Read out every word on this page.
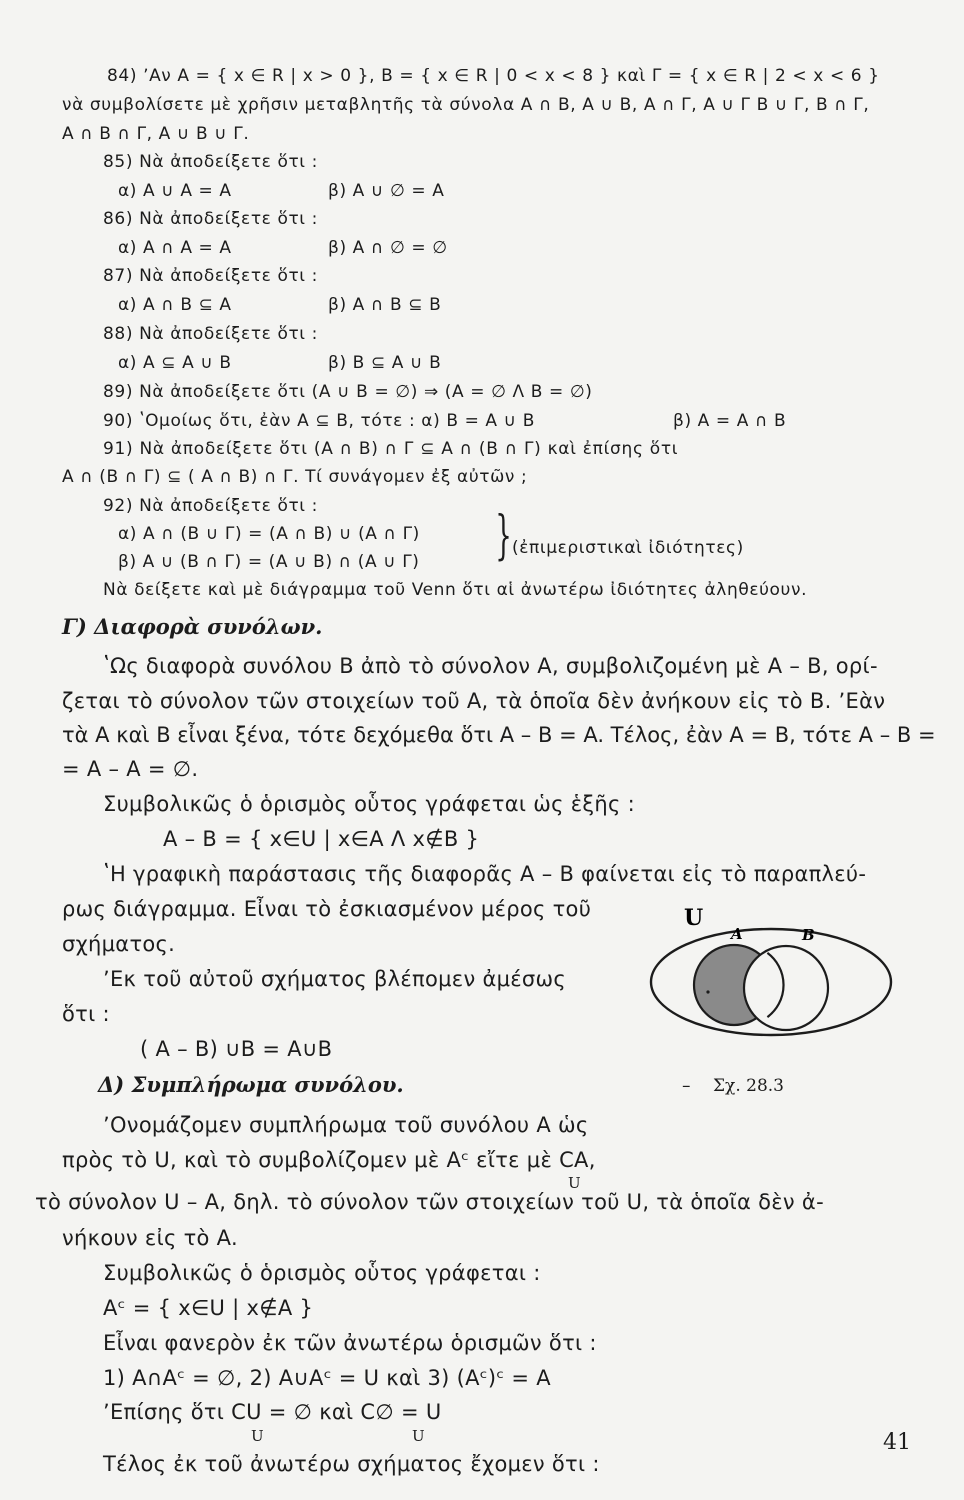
84) ʼΑν A = { x ∈ R | x > 0 }, B = { x ∈ R | 0 < x < 8 } καὶ Γ = { x ∈ R | 2 < x < 6 }
νὰ συμβολίσετε μὲ χρῆσιν μεταβλητῆς τὰ σύνολα A ∩ B, A ∪ B, A ∩ Γ, A ∪ Γ B ∪ Γ, B ∩ Γ,
A ∩ B ∩ Γ, A ∪ B ∪ Γ.
85) Νὰ ἀποδείξετε ὅτι :
α) A ∪ A = A	β) A ∪ ∅ = A
86) Νὰ ἀποδείξετε ὅτι :
α) A ∩ A = A	β) A ∩ ∅ = ∅
87) Νὰ ἀποδείξετε ὅτι :
α) A ∩ B ⊆ A	β) A ∩ B ⊆ B
88) Νὰ ἀποδείξετε ὅτι :
α) A ⊆ A ∪ B	β) B ⊆ A ∪ B
89) Νὰ ἀποδείξετε ὅτι (A ∪ B = ∅) ⇒ (A = ∅ Λ B = ∅)
90) ʽΟμοίως ὅτι, ἐὰν A ⊆ B, τότε : α) B = A ∪ B	β) A = A ∩ B
91) Νὰ ἀποδείξετε ὅτι (A ∩ B) ∩ Γ ⊆ A ∩ (B ∩ Γ) καὶ ἐπίσης ὅτι
A ∩ (B ∩ Γ) ⊆ ( A ∩ B) ∩ Γ. Τί συνάγομεν ἐξ αὐτῶν ;
92) Νὰ ἀποδείξετε ὅτι :
α) A ∩ (B ∪ Γ) = (A ∩ B) ∪ (A ∩ Γ)
β) A ∪ (B ∩ Γ) = (A ∪ B) ∩ (A ∪ Γ) } (ἐπιμεριστικαὶ ἰδιότητες)
Νὰ δείξετε καὶ μὲ διάγραμμα τοῦ Venn ὅτι αἱ ἀνωτέρω ἰδιότητες ἀληθεύουν.
Γ) Διαφορὰ συνόλων.
ʽΩς διαφορὰ συνόλου B ἀπὸ τὸ σύνολον A, συμβολιζομένη μὲ A – B, ορί-
ζεται τὸ σύνολον τῶν στοιχείων τοῦ A, τὰ ὁποῖα δὲν ἀνήκουν εἰς τὸ B. ʼΕὰν
τὰ A καὶ B εἶναι ξένα, τότε δεχόμεθα ὅτι A – B = A. Τέλος, ἐὰν A = B, τότε A – B =
= A – A = ∅.
Συμβολικῶς ὁ ὁρισμὸς οὗτος γράφεται ὡς ἑξῆς :
A – B = { x∈U | x∈A Λ x∉B }
ʽΗ γραφικὴ παράστασις τῆς διαφορᾶς A – B φαίνεται εἰς τὸ παραπλεύ-
ρως διάγραμμα. Εἶναι τὸ ἐσκιασμένον μέρος τοῦ
σχήματος.
ʼΕκ τοῦ αὐτοῦ σχήματος βλέπομεν ἀμέσως
ὅτι :
( A – B) ∪B = A∪B
U
A	B
– Σχ. 28.3
Δ) Συμπλήρωμα συνόλου.
ʼΟνομάζομεν συμπλήρωμα τοῦ συνόλου A ὡς
πρὸς τὸ U, καὶ τὸ συμβολίζομεν μὲ Aᶜ εἴτε μὲ CA,
U
τὸ σύνολον U – A, δηλ. τὸ σύνολον τῶν στοιχείων τοῦ U, τὰ ὁποῖα δὲν ἀ-
νήκουν εἰς τὸ A.
Συμβολικῶς ὁ ὁρισμὸς οὗτος γράφεται :
Aᶜ = { x∈U | x∉A }
Εἶναι φανερὸν ἐκ τῶν ἀνωτέρω ὁρισμῶν ὅτι :
1) A∩Aᶜ = ∅, 2) A∪Aᶜ = U καὶ 3) (Aᶜ)ᶜ = A
ʼΕπίσης ὅτι CU = ∅ καὶ C∅ = U
U	U
Τέλος ἐκ τοῦ ἀνωτέρω σχήματος ἔχομεν ὅτι :
41
